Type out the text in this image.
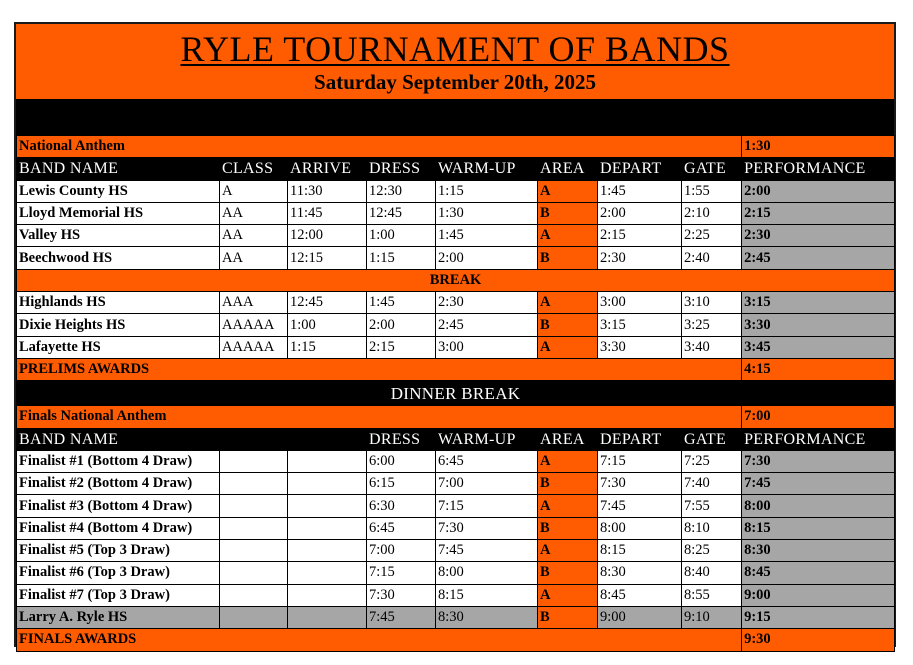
RYLE TOURNAMENT OF BANDS
Saturday September 20th, 2025
National Anthem								1:30
BAND NAME	CLASS	ARRIVE	DRESS	WARM-UP	AREA	DEPART	GATE	PERFORMANCE
Lewis County HS	A	11:30	12:30	1:15	A	1:45	1:55	2:00
Lloyd Memorial HS	AA	11:45	12:45	1:30	B	2:00	2:10	2:15
Valley HS	AA	12:00	1:00	1:45	A	2:15	2:25	2:30
Beechwood HS	AA	12:15	1:15	2:00	B	2:30	2:40	2:45
BREAK								
Highlands HS	AAA	12:45	1:45	2:30	A	3:00	3:10	3:15
Dixie Heights HS	AAAAA	1:00	2:00	2:45	B	3:15	3:25	3:30
Lafayette HS	AAAAA	1:15	2:15	3:00	A	3:30	3:40	3:45
PRELIMS AWARDS								4:15
DINNER BREAK								
Finals National Anthem								7:00
BAND NAME			DRESS	WARM-UP	AREA	DEPART	GATE	PERFORMANCE
Finalist #1 (Bottom 4 Draw)			6:00	6:45	A	7:15	7:25	7:30
Finalist #2 (Bottom 4 Draw)			6:15	7:00	B	7:30	7:40	7:45
Finalist #3 (Bottom 4 Draw)			6:30	7:15	A	7:45	7:55	8:00
Finalist #4 (Bottom 4 Draw)			6:45	7:30	B	8:00	8:10	8:15
Finalist #5 (Top 3 Draw)			7:00	7:45	A	8:15	8:25	8:30
Finalist #6 (Top 3 Draw)			7:15	8:00	B	8:30	8:40	8:45
Finalist #7 (Top 3 Draw)			7:30	8:15	A	8:45	8:55	9:00
Larry A. Ryle HS			7:45	8:30	B	9:00	9:10	9:15
FINALS AWARDS								9:30
